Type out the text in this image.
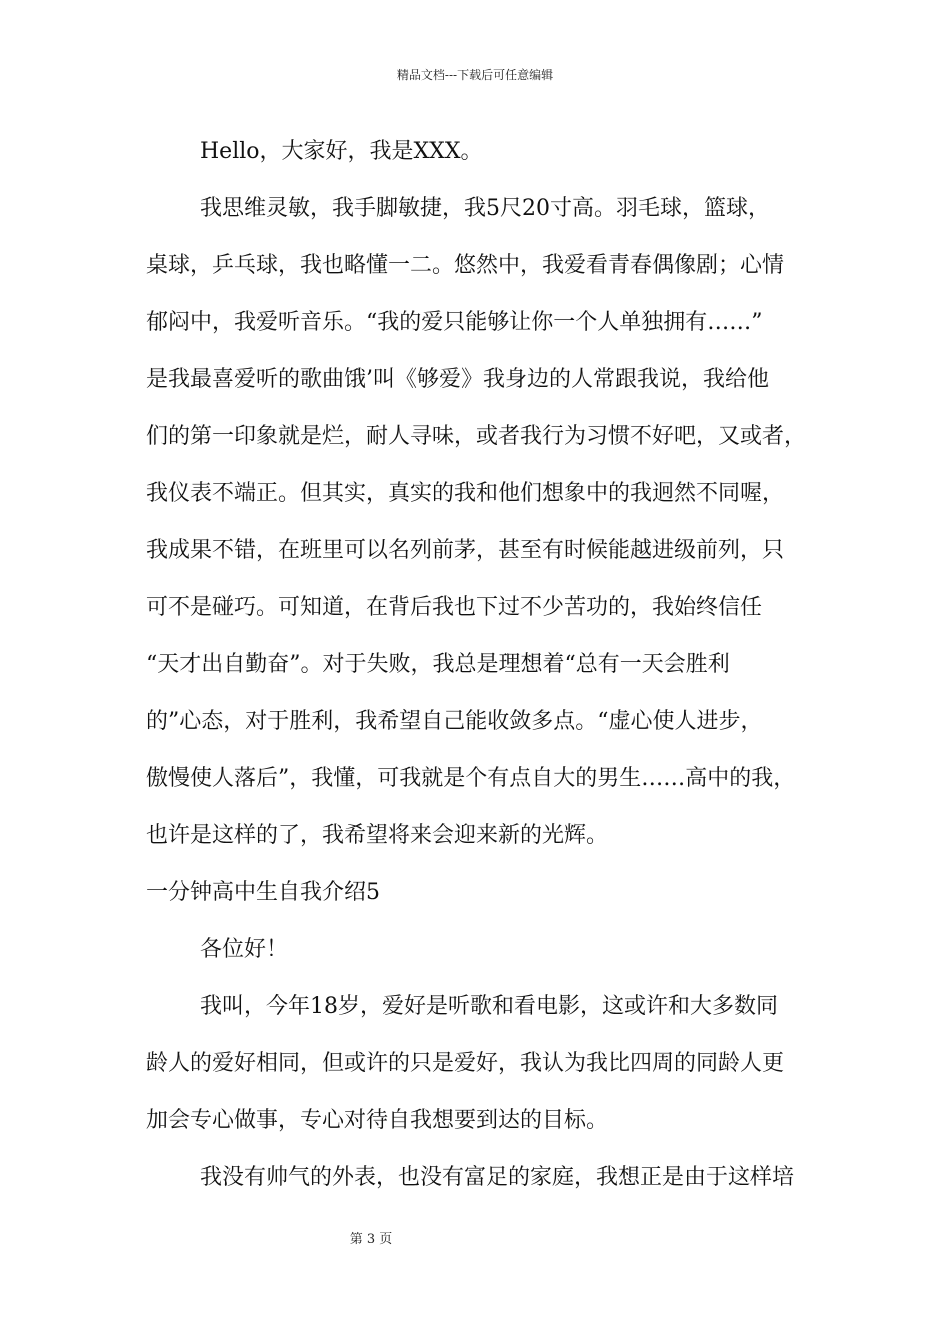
精品文档---下载后可任意编辑
Hello，大家好，我是XXX。
我思维灵敏，我手脚敏捷，我5尺20寸高。羽毛球，篮球，
桌球，乒乓球，我也略懂一二。悠然中，我爱看青春偶像剧；心情
郁闷中，我爱听音乐。“我的爱只能够让你一个人单独拥有……”
是我最喜爱听的歌曲饿’叫《够爱》我身边的人常跟我说，我给他
们的第一印象就是烂，耐人寻味，或者我行为习惯不好吧，又或者，
我仪表不端正。但其实，真实的我和他们想象中的我迥然不同喔，
我成果不错，在班里可以名列前茅，甚至有时候能越进级前列，只
可不是碰巧。可知道，在背后我也下过不少苦功的，我始终信任
“天才出自勤奋”。对于失败，我总是理想着“总有一天会胜利
的”心态，对于胜利，我希望自己能收敛多点。“虚心使人进步，
傲慢使人落后”，我懂，可我就是个有点自大的男生……高中的我，
也许是这样的了，我希望将来会迎来新的光辉。
一分钟高中生自我介绍5
各位好！
我叫，今年18岁，爱好是听歌和看电影，这或许和大多数同
龄人的爱好相同，但或许的只是爱好，我认为我比四周的同龄人更
加会专心做事，专心对待自我想要到达的目标。
我没有帅气的外表，也没有富足的家庭，我想正是由于这样培
第 3 页
